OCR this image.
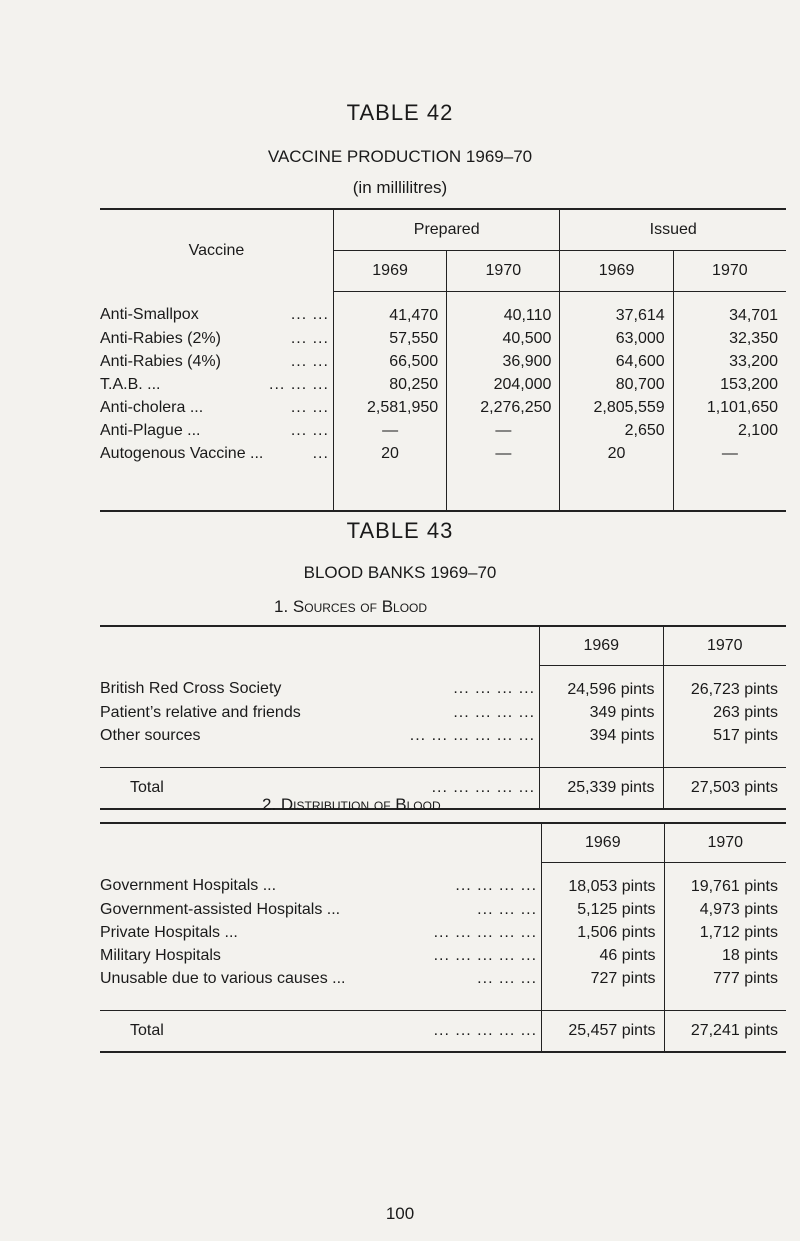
TABLE 42
VACCINE PRODUCTION 1969–70
(in millilitres)
Vaccine	Prepared		Issued	
	1969	1970	1969	1970
Anti-Smallpox ... ...	41,470	40,110	37,614	34,701
Anti-Rabies (2%) ... ...	57,550	40,500	63,000	32,350
Anti-Rabies (4%) ... ...	66,500	36,900	64,600	33,200
T.A.B. ... ... ... ...	80,250	204,000	80,700	153,200
Anti-cholera ... ... ...	2,581,950	2,276,250	2,805,559	1,101,650
Anti-Plague ... ... ...	—	—	2,650	2,100
Autogenous Vaccine ... ...	20	—	20	—
TABLE 43
BLOOD BANKS 1969–70
1. Sources of Blood
	1969	1970
British Red Cross Society ... ... ... ...	24,596 pints	26,723 pints
Patient’s relative and friends ... ... ... ...	349 pints	263 pints
Other sources ... ... ... ... ... ...	394 pints	517 pints
Total ... ... ... ... ...	25,339 pints	27,503 pints
2. Distribution of Blood
	1969	1970
Government Hospitals ... ... ... ... ...	18,053 pints	19,761 pints
Government-assisted Hospitals ... ... ... ...	5,125 pints	4,973 pints
Private Hospitals ... ... ... ... ... ...	1,506 pints	1,712 pints
Military Hospitals ... ... ... ... ...	46 pints	18 pints
Unusable due to various causes ... ... ... ...	727 pints	777 pints
Total ... ... ... ... ...	25,457 pints	27,241 pints
100
